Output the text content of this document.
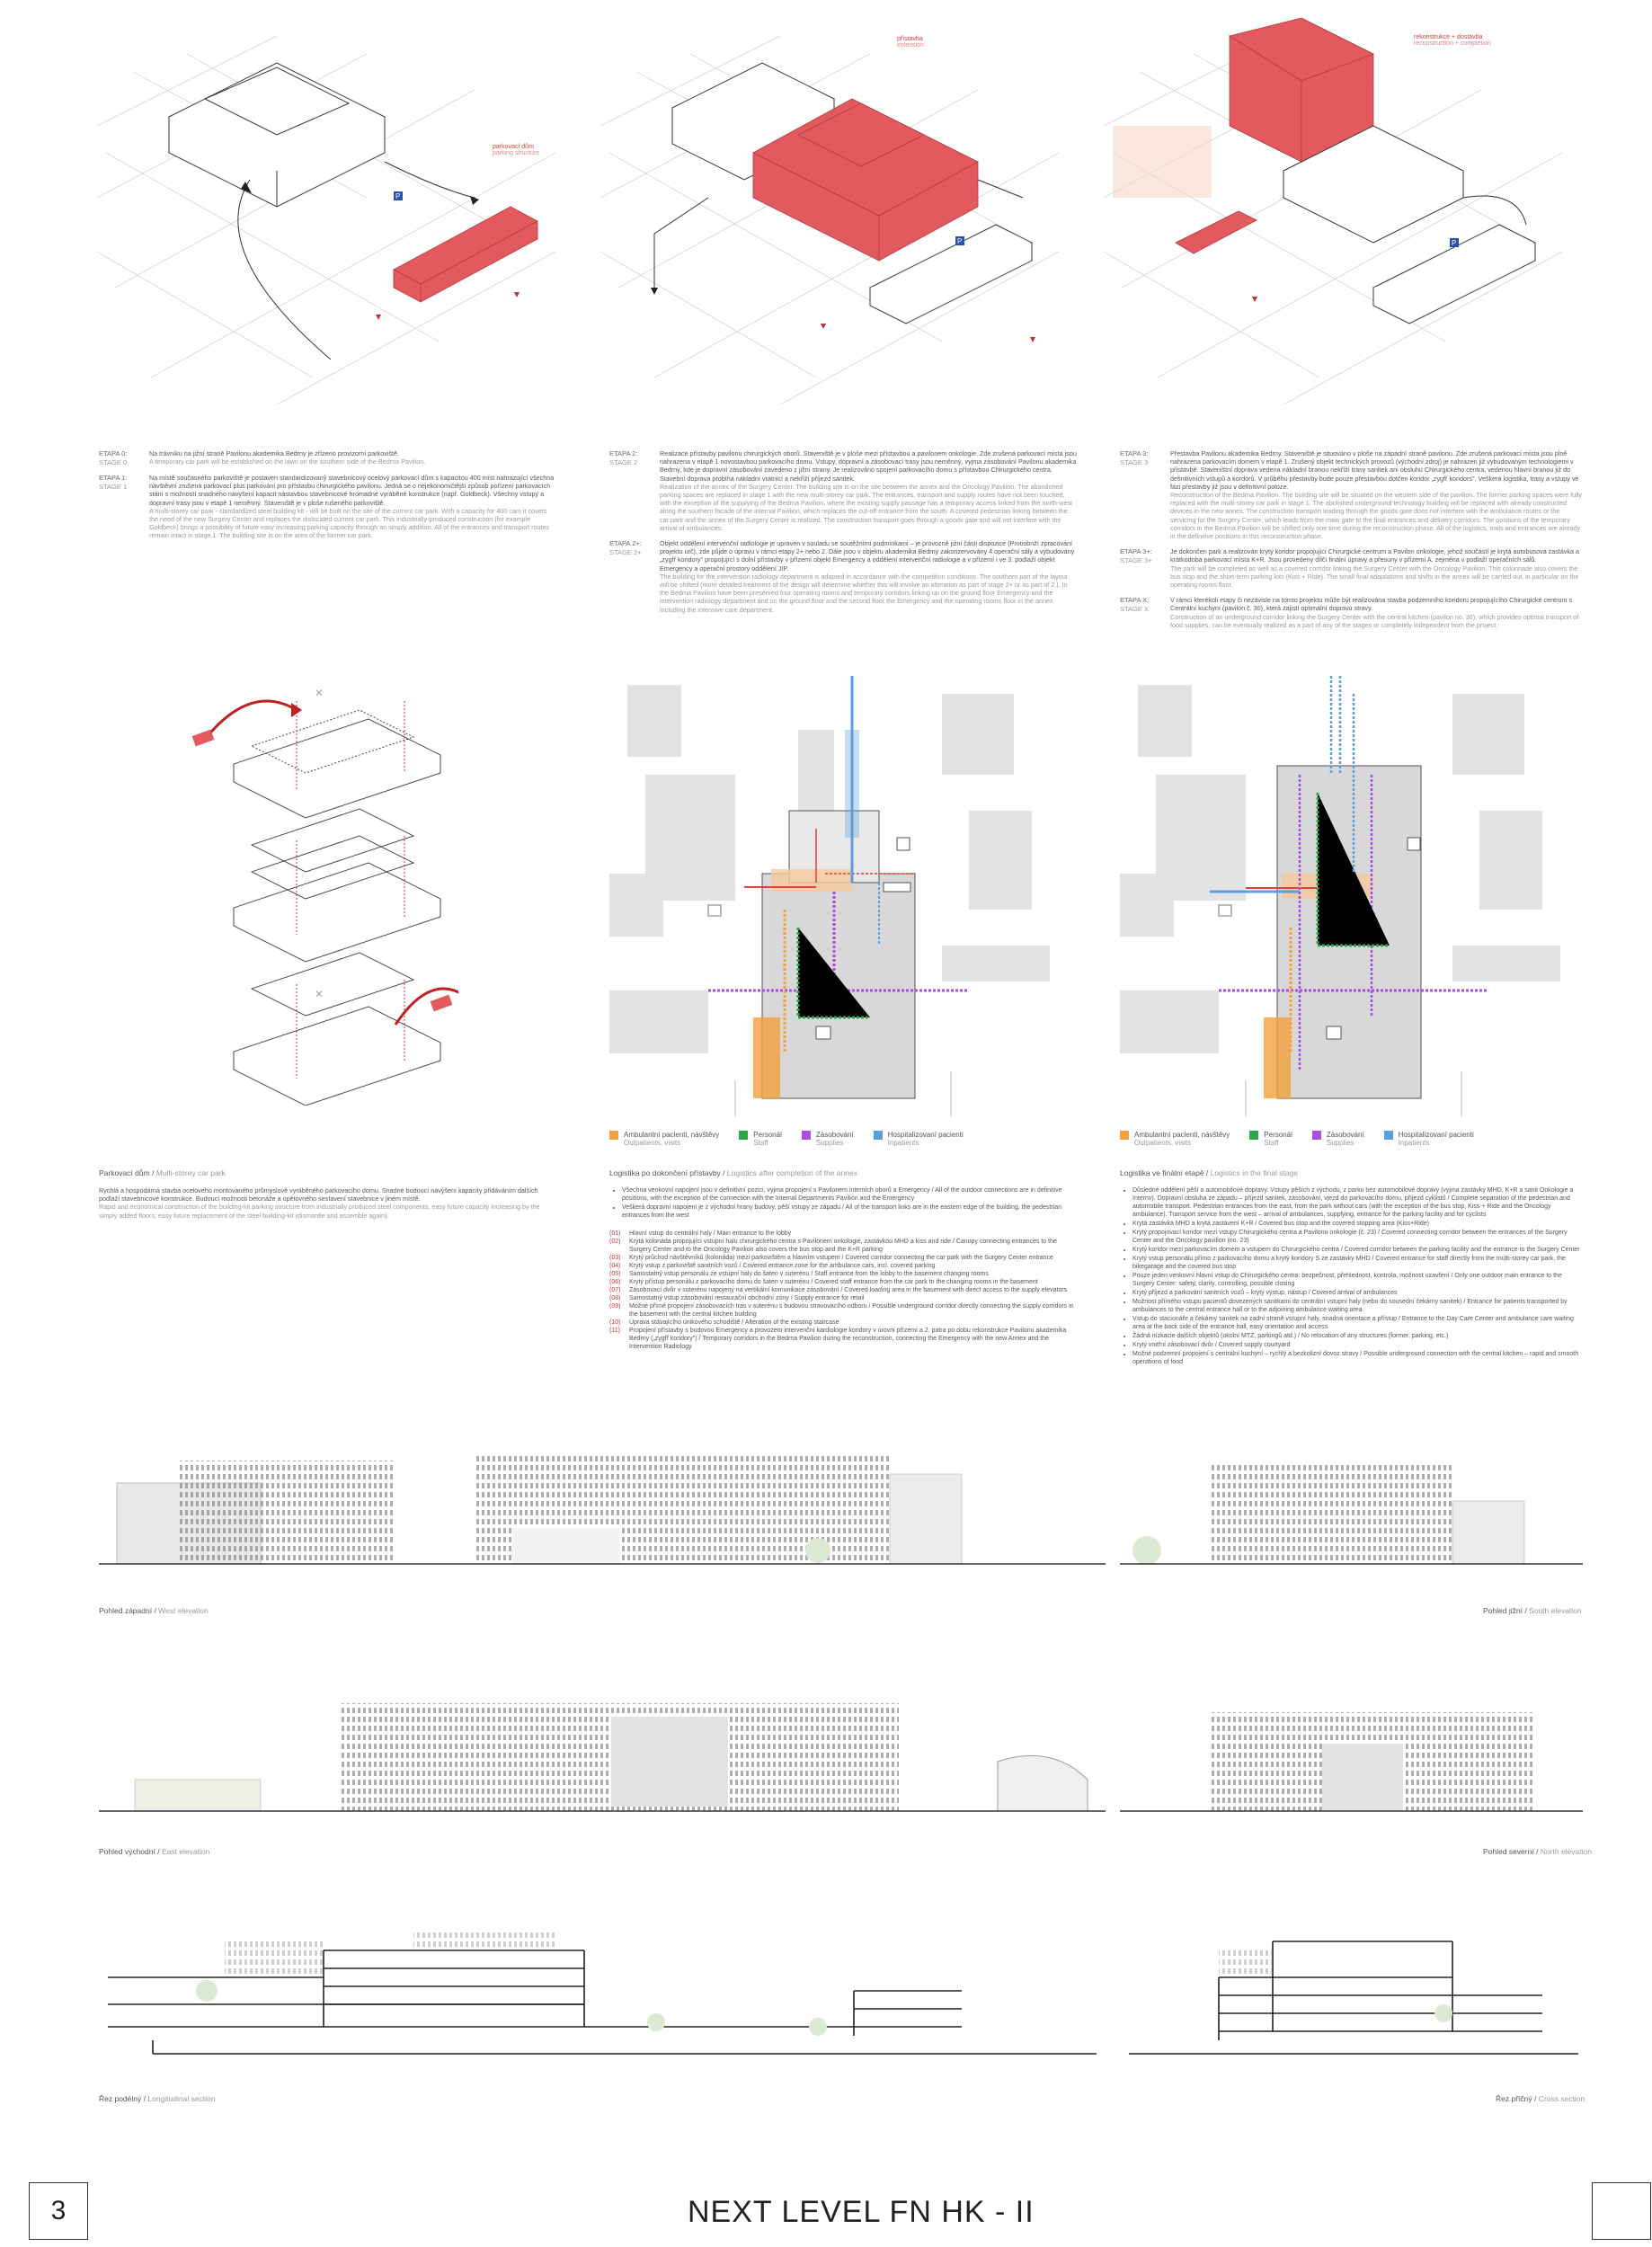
P
parkovací dům
parking structure
P
přístavba
extension
P
rekonstrukce + dostavba
reconstruction + completion
ETAPA 0:
STAGE 0
Na trávníku na jižní straně Pavilonu akademika Bedrny je zřízeno provizorní parkoviště.
A temporary car park will be established on the lawn on the southern side of the Bedrna Pavilion.
ETAPA 1:
STAGE 1
Na místě současného parkoviště je postaven standardizovaný stavebnicový ocelový parkovací dům s kapacitou 400 míst nahrazující všechna návštěvní zrušená parkovací plus parkování pro přístavbu chirurgického pavilonu. Jedná se o nejekonomičtější způsob pořízení parkovacích stání s možností snadného navýšení kapacit nástavbou stavebnicové hromadné vyráběné konstrukce (např. Goldbeck). Všechny vstupy a dopravní trasy jsou v etapě 1 neměnný. Staveniště je v ploše rušeného parkoviště.
A multi-storey car park - standardized steel building kit - will be built on the site of the current car park. With a capacity for 400 cars it covers the need of the new Surgery Center and replaces the dislocated current car park. This industrially-produced construction (for example Goldbeck) brings a possibility of future easy increasing parking capacity through an simply addition. All of the entrances and transport routes remain intact in stage 1. The building site is on the area of the former car park.
ETAPA 2:
STAGE 2
Realizace přístavby pavilonu chirurgických oborů. Staveniště je v ploše mezi přístavbou a pavilonem onkologie. Zde zrušená parkovací místa jsou nahrazena v etapě 1 novostavbou parkovacího domu. Vstupy, dopravní a zásobovací trasy jsou neměnný, vyjma zásobování Pavilonu akademika Bedrny, kde je dopravní zásobování zavedeno z jižní strany. Je realizováno spojení parkovacího domu s přístavbou Chirurgického centra. Stavební doprava probíhá nákladní vrátnicí a nekříží příjezd sanitek.
Realization of the annex of the Surgery Center. The building site is on the site between the annex and the Oncology Pavilion. The abandoned parking spaces are replaced in stage 1 with the new multi-storey car park. The entrances, transport and supply routes have not been touched, with the exception of the supplying of the Bedrna Pavilion, where the existing supply passage has a temporary access linked from the north-west along the southern facade of the internal Pavilion, which replaces the cut-off entrance from the south. A covered pedestrian linking between the car park and the annex of the Surgery Center is realized. The construction transport goes through a goods gate and will not interfere with the arrival of ambulances.
ETAPA 2+:
STAGE 2+
Objekt oddělení intervenční radiologie je upraven v souladu se soutěžními podmínkami – je provozně jižní části dispozice (Protiobnží zpracování projektu urč), zde půjde o úpravu v rámci etapy 2+ nebo 2. Dále jsou v objektu akademika Bedrny zakonzervovány 4 operační sály a vybudovány „zygfř koridory" propojující s dolní přístavby v přízemí objekt Emergency a oddělení intervenční radiologie a v přízemí i ve 3. podlaží objekt Emergency a operační prostory oddělení JIP.
The building for the intervention radiology department is adapted in accordance with the competition conditions. The southern part of the layout will be shifted (more detailed treatment of the design will determine whether this will involve an alteration as part of stage 2+ or as part of 2.). In the Bedrna Pavilion have been preserved four operating rooms and temporary corridors linking up on the ground floor Emergency and the intervention radiology department and on the ground floor and the second floor the Emergency and the operating rooms floor in the annex including the intensive care department.
ETAPA 3:
STAGE 3
Přestavba Pavilonu akademika Bedrny. Staveniště je situováno v ploše na západní straně pavilonu. Zde zrušená parkovací místa jsou plně nahrazena parkovacím domem v etapě 1. Zrušený objekt technických provozů (východní zdroj) je nahrazen již vybudovaným technologiemi v přístavbě. Staveništní doprava vedena nákladní branou nekříží trasy sanitek ani obsluhu Chirurgického centra, vedenou hlavní branou již do definitivních vstupů a kordorů. V průběhu přestavby bude pouze přestavbou dotčen koridor „zygfř koridors". Veškerá logistika, trasy a vstupy ve fázi přestavby již jsou v definitivní poloze.
Reconstruction of the Bedrna Pavilion. The building site will be situated on the western side of the pavilion. The former parking spaces were fully replaced with the multi-storey car park in stage 1. The abolished underground technology building will be replaced with already constructed devices in the new annex. The construction transport leading through the goods gate does not interfere with the ambulance routes or the servicing for the Surgery Center, which leads from the main gate to the final entrances and delivery corridors. The positions of the temporary corridors in the Bedrna Pavilion will be shifted only one time during the reconstruction phase. All of the logistics, trails and entrances are already in the definitive positions in this reconstruction phase.
ETAPA 3+:
STAGE 3+
Je dokončen park a realizován krytý koridor propojující Chirurgické centrum a Pavilon onkologie, jehož součástí je krytá autobusová zastávka a krátkodobá parkovací místa K+R. Jsou provedeny dílčí finální úpravy a přesuny v přízemí A, zejména v podlaží operačních sálů.
The park will be completed as well as a covered corridor linking the Surgery Center with the Oncology Pavilion. This colonnade also covers the bus stop and the short-term parking lots (Kiss + Ride). The small final adaptations and shifts in the annex will be carried out, in particular on the operating rooms floor.
ETAPA X:
STAGE X
V rámci kterékoli etapy či nezávisle na tomto projektu může být realizována stavba podzemního koridoru propojujícího Chirurgické centrum s Centrální kuchyní (pavilon č. 30), která zajistí optimální dopravu stravy.
Construction of an underground corridor linking the Surgery Center with the central kitchen (pavilon no. 30), which provides optimal transport of food supplies, can be eventually realized as a part of any of the stages or completely independent from the project.
✕
✕
Ambulantní pacienti, návštěvy
Outpatients, visits
Personál
Staff
Zásobování
Supplies
Hospitalizovaní pacienti
Inpatients
Ambulantní pacienti, návštěvy
Outpatients, visits
Personál
Staff
Zásobování
Supplies
Hospitalizovaní pacienti
Inpatients
Parkovací dům / Multi-storey car park
Rychlá a hospodárná stavba ocelového montovaného průmyslově vyráběného parkovacího domu. Snadné budoucí navýšení kapacity přidáváním dalších podlaží stavebnicové konstrukce. Budoucí možnosti betonáže a opětovného sestavení stavebnice v jiném místě.
Rapid and economical construction of the building-kit parking structure from industrially produced steel components, easy future capacity increasing by the simply added floors, easy future replacement of the steel building-kit (dismantle and assemble again).
Logistika po dokončení přístavby / Logistics after completion of the annex
• Všechna venkovní napojení jsou v definitivní pozici, vyjma propojení s Pavilonem interních oborů a Emergency / All of the outdoor connections are in definitive positions, with the exception of the connection with the Internal Departments Pavilion and the Emergency
• Veškerá dopravní napojení je z východní hrany budovy, pěší vstupy ze západu / All of the transport links are in the eastern edge of the building, the pedestrian entrances from the west
(01)	Hlavní vstup do centrální haly / Main entrance to the lobby
(02)	Krytá kolonáda propojující vstupní halu chirurgického centra s Pavilonem onkologie, zastávkou MHD a kiss and ride / Canopy connecting entrances to the Surgery Center and to the Oncology Pavilion also covers the bus stop and the K+R parking
(03)	Krytý průchod návštěvníků (kolonáda) mezi parkovištěm a hlavním vstupem / Covered corridor connecting the car park with the Surgery Center entrance
(04)	Krytý vstup z parkoviště sanitních vozů / Covered entrance zone for the ambulance cars, incl. covered parking
(05)	Samostatný vstup personálu ze vstupní haly do šaten v suterénu / Staff entrance from the lobby to the basement changing rooms
(06)	Krytý přístup personálu z parkovacího domu do šaten v suterénu / Covered staff entrance from the car park to the changing rooms in the basement
(07)	Zásobovací dvůr v suterénu napojený na vertikální komunikace zásobování / Covered loading area in the basement with direct access to the supply elevators
(08)	Samostatný vstup zásobování restaurační obchodní zóny / Supply entrance for retail
(09)	Možné přímé propojení zásobovacích tras v suterénu s budovou stravovacího odboru / Possible underground corridor directly connecting the supply corridors in the basement with the central kitchen building
(10)	Úprava stávajícího únikového schodiště / Alteration of the existing staircase
(11)	Propojení přístavby s budovou Emergency a provozem intervenční kardiologie koridory v úrovni přízemí a 2. patra po dobu rekonstrukce Pavilonu akademika Bedrny („zygfř koridory") / Temporary corridors in the Bedrna Pavilion during the reconstruction, connecting the Emergency with the new Annex and the Intervention Radiology
Logistika ve finální etapě / Logistics in the final stage
• Důsledné oddělení pěší a automobilové dopravy. Vstupy pěších z východu, z parku bez automobilové dopravy (vyjma zastávky MHD, K+R a sanit Onkologie a Internv). Dopravní obsluha ze západu – příjezd sanitek, zásobování, vjezd do parkovacího domu, příjezd cyklistů / Complete separation of the pedestrian and automobile transport. Pedestrian entrances from the east, from the park without cars (with the exception of the bus stop, Kiss + Ride and the Oncology ambulance). Transport service from the west – arrival of ambulances, supplying, entrance for the parking facility and for cyclists
• Krytá zastávka MHD a krytá zastávení K+R / Covered bus stop and the covered stopping area (Kiss+Ride)
• Krytý propojovací koridor mezi vstupy Chirurgického centra a Pavilonu onkologie (č. 23) / Covered connecting corridor between the entrances of the Surgery Center and the Oncology pavilion (no. 23)
• Krytý koridor mezi parkovacím domem a vstupem do Chirurgického centra / Covered corridor between the parking facility and the entrance to the Surgery Center
• Krytý vstup personálu přímo z parkovacího domu a krytý koridory S ze zastávky MHD / Covered entrance for staff directly from the multi-storey car park, the bikegarage and the covered bus stop
• Pouze jeden venkovní hlavní vstup do Chirurgického centra: bezpečnost, přehlednost, kontrola, možnost uzavření / Only one outdoor main entrance to the Surgery Center: safety, clarity, controlling, possible closing
• Krytý příjezd a parkování sanitních vozů – krytý výstup, nástup / Covered arrival of ambulances
• Možnost přímého vstupu pacientů dovezených sanitkami do centrální vstupní haly (nebo do sousední čekárny sanitek) / Entrance for patients transported by ambulances to the central entrance hall or to the adjoining ambulance waiting area
• Vstup do stacionáře a čekárny sanitek na zadní straně vstupní haly, snadná orientace a přístup / Entrance to the Day Care Center and ambulance care waiting area at the back side of the entrance hall, easy orientation and access
• Žádná nízkacie dalších objektů (okolní MTZ, parkingů atd.) / No relocation of any structures (former, parking, etc.)
• Krytý vnitřní zásobovací dvůr / Covered supply courtyard
• Možné podzemní propojení s centrální kuchyní – rychlý a bezkolizní dovoz stravy / Possible underground connection with the central kitchen – rapid and smooth operations of food
Pohled západní / West elevation	Pohled jižní / South elevation
Pohled východní / East elevation	Pohled severní / North elevation
Řez podélný / Longitudinal section	Řez příčný / Cross section
3	NEXT LEVEL FN HK - II
